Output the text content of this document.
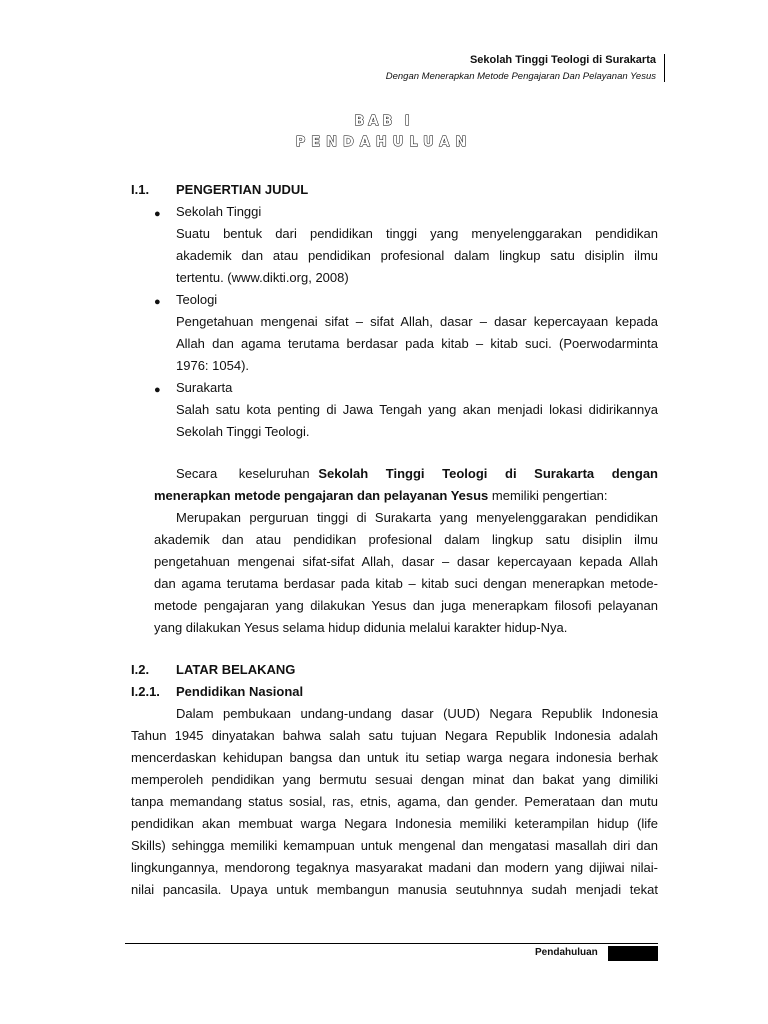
Sekolah Tinggi Teologi di Surakarta
Dengan Menerapkan Metode Pengajaran Dan Pelayanan Yesus
BAB I
PENDAHULUAN
I.1. PENGERTIAN JUDUL
● Sekolah Tinggi
Suatu bentuk dari pendidikan tinggi yang menyelenggarakan pendidikan
akademik dan atau pendidikan profesional dalam lingkup satu disiplin ilmu
tertentu. (www.dikti.org, 2008)
● Teologi
Pengetahuan mengenai sifat – sifat Allah, dasar – dasar kepercayaan kepada
Allah dan agama terutama berdasar pada kitab – kitab suci. (Poerwodarminta
1976: 1054).
● Surakarta
Salah satu kota penting di Jawa Tengah yang akan menjadi lokasi didirikannya
Sekolah Tinggi Teologi.
Secara keseluruhan Sekolah Tinggi Teologi di Surakarta dengan
menerapkan metode pengajaran dan pelayanan Yesus memiliki pengertian:
Merupakan perguruan tinggi di Surakarta yang menyelenggarakan pendidikan
akademik dan atau pendidikan profesional dalam lingkup satu disiplin ilmu
pengetahuan mengenai sifat-sifat Allah, dasar – dasar kepercayaan kepada Allah
dan agama terutama berdasar pada kitab – kitab suci dengan menerapkan metode-
metode pengajaran yang dilakukan Yesus dan juga menerapkam filosofi pelayanan
yang dilakukan Yesus selama hidup didunia melalui karakter hidup-Nya.
I.2. LATAR BELAKANG
I.2.1. Pendidikan Nasional
Dalam pembukaan undang-undang dasar (UUD) Negara Republik Indonesia
Tahun 1945 dinyatakan bahwa salah satu tujuan Negara Republik Indonesia adalah
mencerdaskan kehidupan bangsa dan untuk itu setiap warga negara indonesia berhak
memperoleh pendidikan yang bermutu sesuai dengan minat dan bakat yang dimiliki
tanpa memandang status sosial, ras, etnis, agama, dan gender. Pemerataan dan mutu
pendidikan akan membuat warga Negara Indonesia memiliki keterampilan hidup (life
Skills) sehingga memiliki kemampuan untuk mengenal dan mengatasi masallah diri dan
lingkungannya, mendorong tegaknya masyarakat madani dan modern yang dijiwai nilai-
nilai pancasila. Upaya untuk membangun manusia seutuhnnya sudah menjadi tekat
Pendahuluan
